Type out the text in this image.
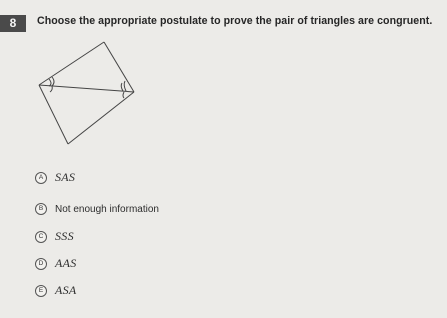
8	Choose the appropriate postulate to prove the pair of triangles are congruent.
A SAS
B	Not enough information
C SSS
D AAS
E ASA
